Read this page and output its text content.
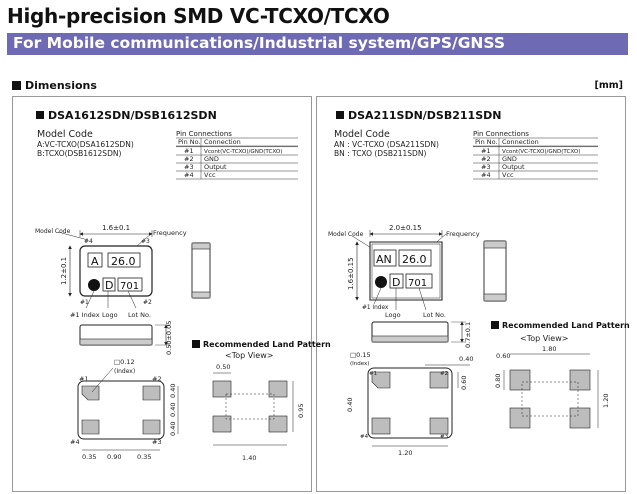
High-precision SMD VC-TCXO/TCXO
For Mobile communications/Industrial system/GPS/GNSS
Dimensions	[mm]
DSA1612SDN/DSB1612SDN
Model Code
A:VC-TCXO(DSA1612SDN)
B:TCXO(DSB1612SDN)
Pin Connections
Pin No. Connection
#1 Vcont(VC-TCXO)/GND(TCXO)
#2 GND
#3 Output
#4 Vcc
1.6±0.1
Model Code	Frequency
1.2±0.1
#4	#3
#1	#2
A 26.0
D 701
#1 Index Logo Lot No.
0.50±0.05
□0.12
(Index)
#1	#2
#4	#3
0.40
0.40
0.40
0.35 0.90 0.35
Recommended Land Pattern
<Top View>
0.50
0.95
1.40
DSA211SDN/DSB211SDN
Model Code
AN : VC-TCXO (DSA211SDN)
BN : TCXO (DSB211SDN)
Pin Connections
Pin No. Connection
#1 Vcont(VC-TCXO)/GND(TCXO)
#2 GND
#3 Output
#4 Vcc
2.0±0.15
Model Code	Frequency
1.6±0.15 AN 26.0
D 701
#1 Index
Logo	Lot No.
0.7±0.1
□0.15
(Index)
0.40
#1	#2
#4	#3
0.60
0.40
1.20
Recommended Land Pattern
<Top View>
0.60
1.80
0.80
1.20
